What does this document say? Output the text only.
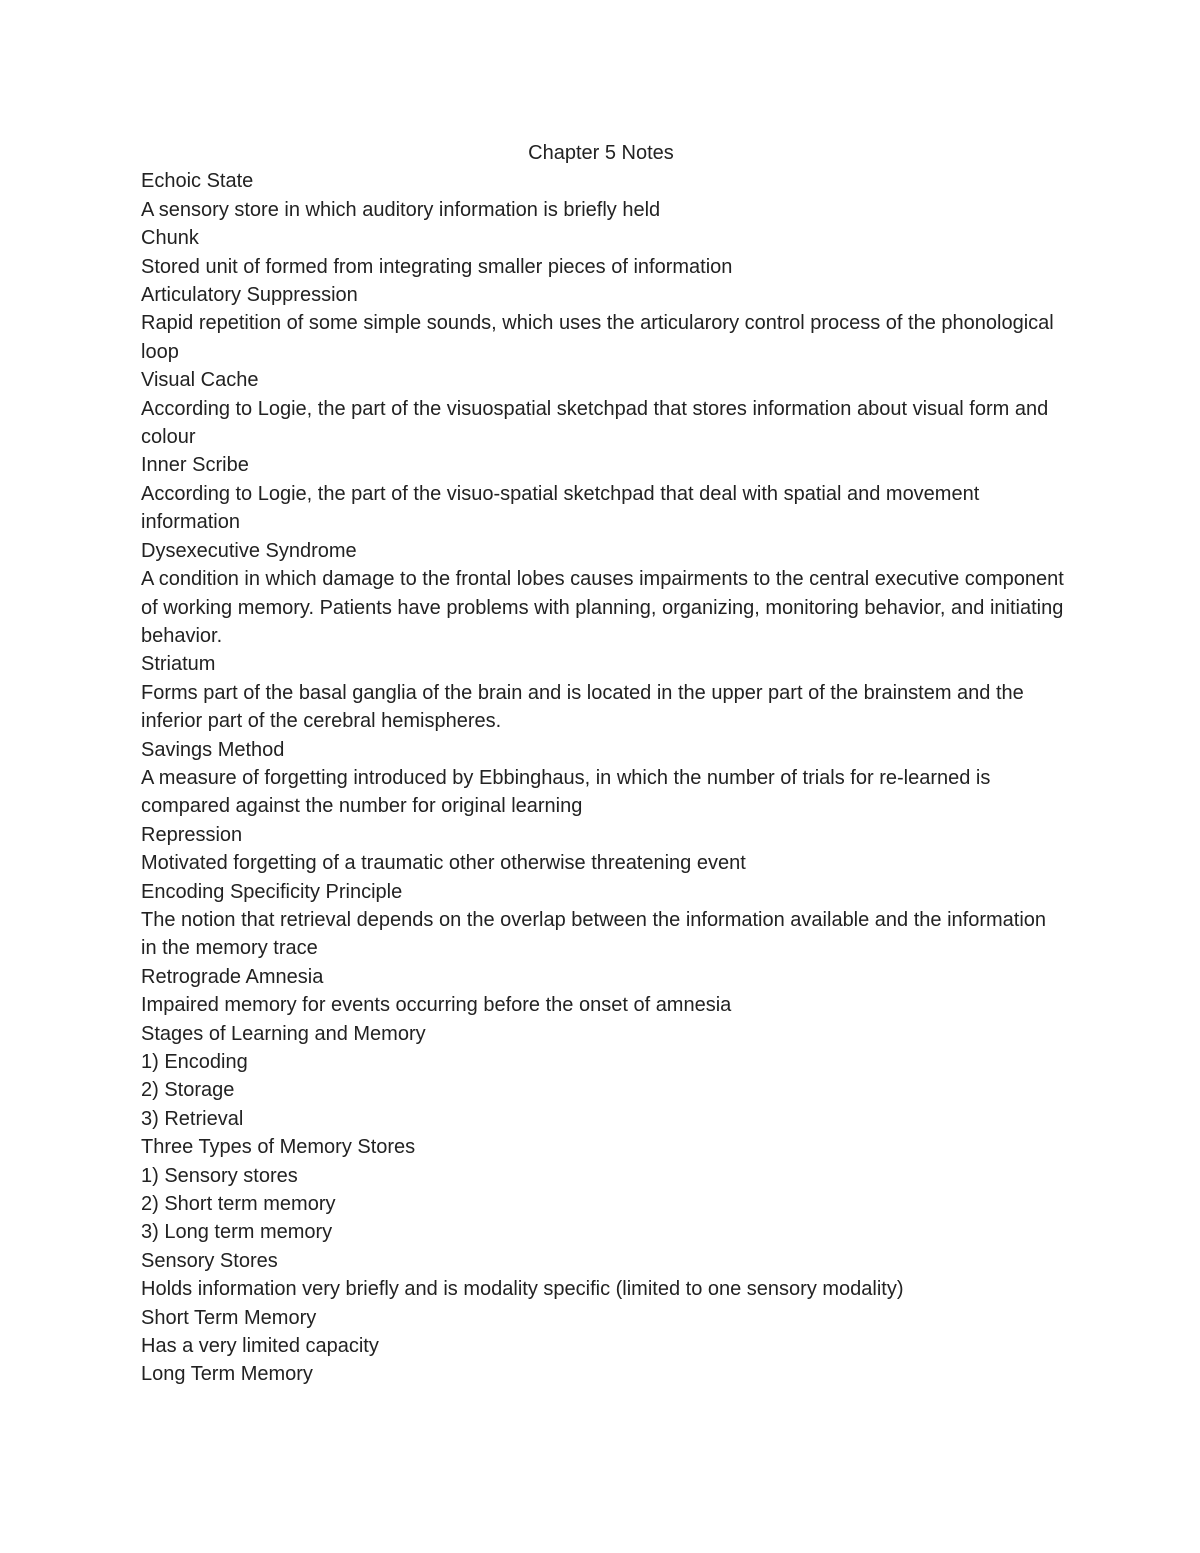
Chapter 5 Notes

Echoic State

A sensory store in which auditory information is briefly held

Chunk

Stored unit of formed from integrating smaller pieces of information

Articulatory Suppression

Rapid repetition of some simple sounds, which uses the articularory control process of the phonological loop

Visual Cache

According to Logie, the part of the visuospatial sketchpad that stores information about visual form and colour

Inner Scribe

According to Logie, the part of the visuo-spatial sketchpad that deal with spatial and movement information

Dysexecutive Syndrome

A condition in which damage to the frontal lobes causes impairments to the central executive component of working memory. Patients have problems with planning, organizing, monitoring behavior, and initiating behavior.

Striatum

Forms part of the basal ganglia of the brain and is located in the upper part of the brainstem and the inferior part of the cerebral hemispheres.

Savings Method

A measure of forgetting introduced by Ebbinghaus, in which the number of trials for re-learned is compared against the number for original learning

Repression

Motivated forgetting of a traumatic other otherwise threatening event

Encoding Specificity Principle

The notion that retrieval depends on the overlap between the information available and the information in the memory trace

Retrograde Amnesia

Impaired memory for events occurring before the onset of amnesia

Stages of Learning and Memory

1) Encoding

2) Storage

3) Retrieval

Three Types of Memory Stores

1) Sensory stores

2) Short term memory

3) Long term memory

Sensory Stores

Holds information very briefly and is modality specific (limited to one sensory modality)

Short Term Memory

Has a very limited capacity

Long Term Memory
